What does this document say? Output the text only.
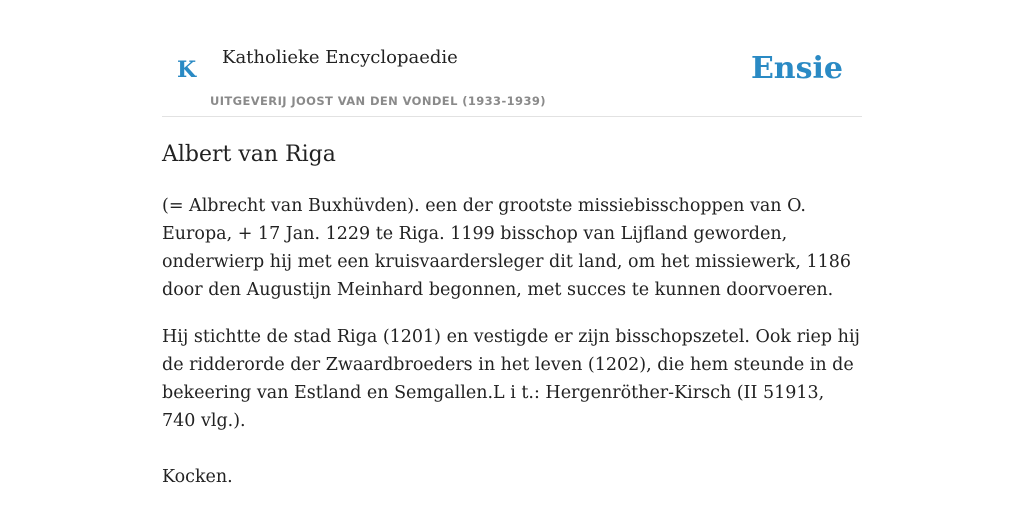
K Katholieke Encyclopaedie
UITGEVERIJ JOOST VAN DEN VONDEL (1933-1939)
Ensie
Albert van Riga

(= Albrecht van Buxhüvden). een der grootste missiebisschoppen van O. Europa, + 17 Jan. 1229 te Riga. 1199 bisschop van Lijfland geworden, onderwierp hij met een kruisvaardersleger dit land, om het missiewerk, 1186 door den Augustijn Meinhard begonnen, met succes te kunnen doorvoeren.

Hij stichtte de stad Riga (1201) en vestigde er zijn bisschopszetel. Ook riep hij de ridderorde der Zwaardbroeders in het leven (1202), die hem steunde in de bekeering van Estland en Semgallen.L i t.: Hergenröther-Kirsch (II 51913, 740 vlg.).

Kocken.
